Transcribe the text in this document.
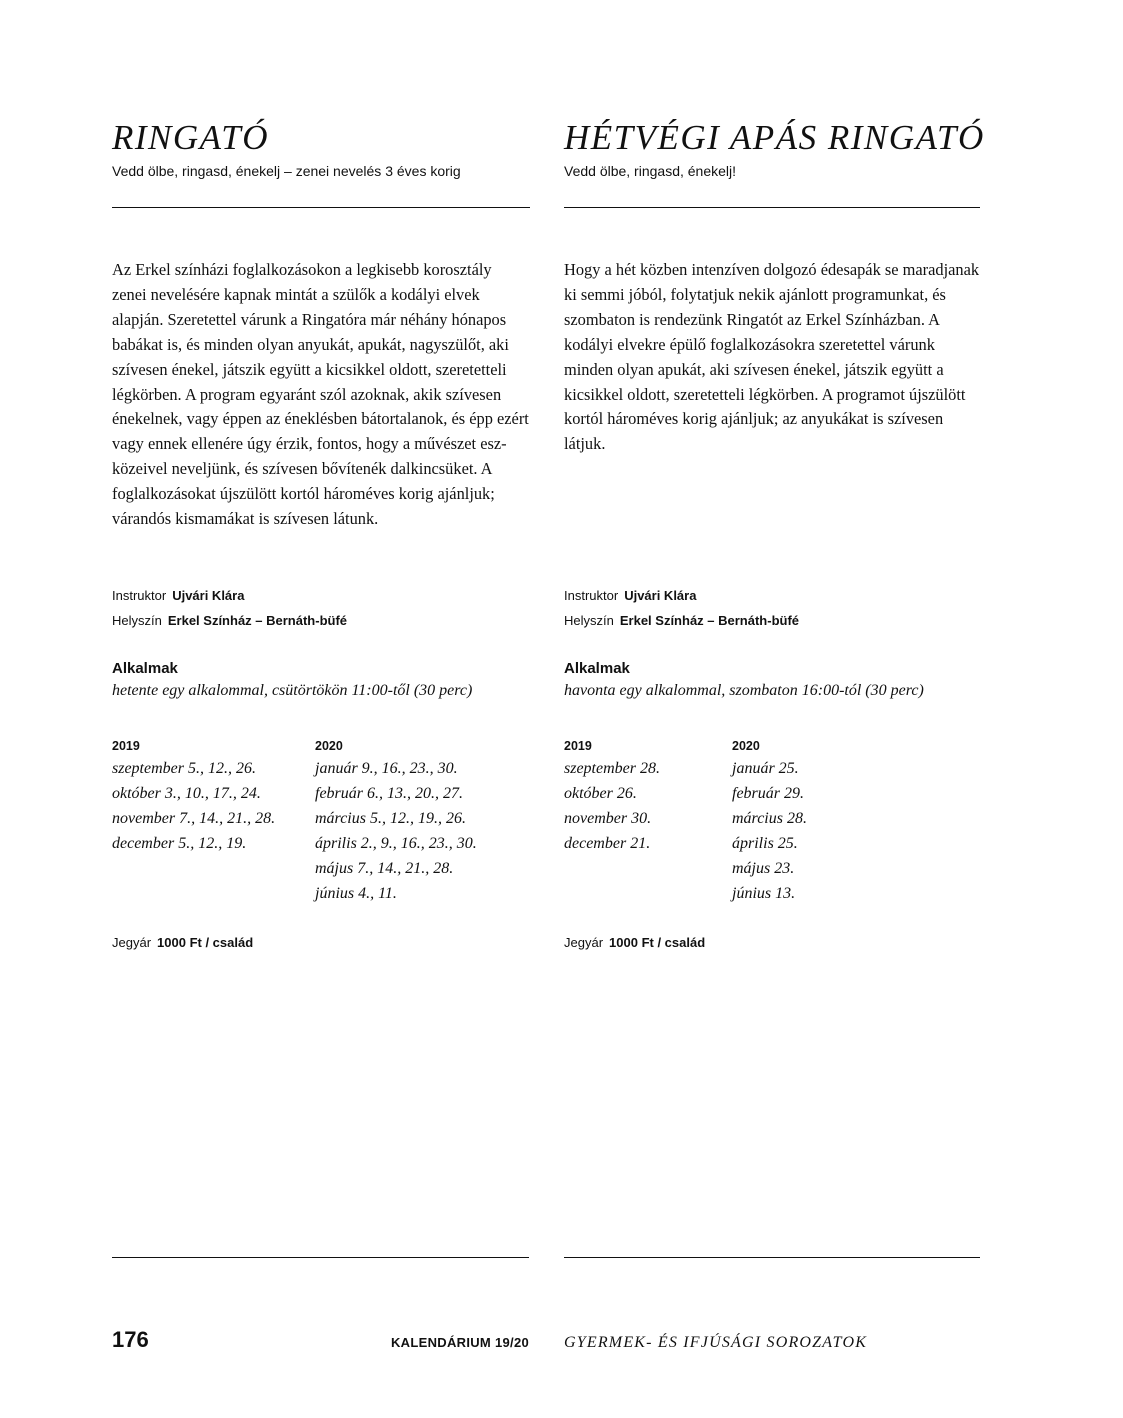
RINGATÓ
Vedd ölbe, ringasd, énekelj – zenei nevelés 3 éves korig

Az Erkel színházi foglalkozásokon a legkisebb korosztály zenei nevelésére kapnak mintát a szülők a kodályi elvek alapján. Szeretettel várunk a Ringatóra már néhány hónapos babákat is, és minden olyan anyukát, apukát, nagyszülőt, aki szívesen énekel, játszik együtt a kicsikkel oldott, szeretetteli légkörben. A program egyaránt szól azoknak, akik szívesen énekelnek, vagy éppen az éneklésben bátortalanok, és épp ezért vagy ennek ellenére úgy érzik, fontos, hogy a művészet eszközeivel neveljünk, és szívesen bővítenék dalkincsüket. A foglalkozásokat újszülött kortól hároméves korig ajánljuk; várandós kismamákat is szívesen látunk.

Instruktor Ujvári Klára
Helyszín Erkel Színház – Bernáth-büfé
Alkalmak
hetente egy alkalommal, csütörtökön 11:00-től (30 perc)
2019
szeptember 5., 12., 26.
október 3., 10., 17., 24.
november 7., 14., 21., 28.
december 5., 12., 19.
2020
január 9., 16., 23., 30.
február 6., 13., 20., 27.
március 5., 12., 19., 26.
április 2., 9., 16., 23., 30.
május 7., 14., 21., 28.
június 4., 11.
Jegyár 1000 Ft / család
HÉTVÉGI APÁS RINGATÓ
Vedd ölbe, ringasd, énekelj!

Hogy a hét közben intenzíven dolgozó édesapák se maradjanak ki semmi jóból, folytatjuk nekik ajánlott programunkat, és szombaton is rendezünk Ringatót az Erkel Színházban. A kodályi elvekre épülő foglalkozásokra szeretettel várunk minden olyan apukát, aki szívesen énekel, játszik együtt a kicsikkel oldott, szeretetteli légkörben. A programot újszülött kortól hároméves korig ajánljuk; az anyukákat is szívesen látjuk.

Instruktor Ujvári Klára
Helyszín Erkel Színház – Bernáth-büfé
Alkalmak
havonta egy alkalommal, szombaton 16:00-tól (30 perc)
2019
szeptember 28.
október 26.
november 30.
december 21.
2020
január 25.
február 29.
március 28.
április 25.
május 23.
június 13.
Jegyár 1000 Ft / család
176	KALENDÁRIUM 19/20 GYERMEK- ÉS IFJÚSÁGI SOROZATOK
